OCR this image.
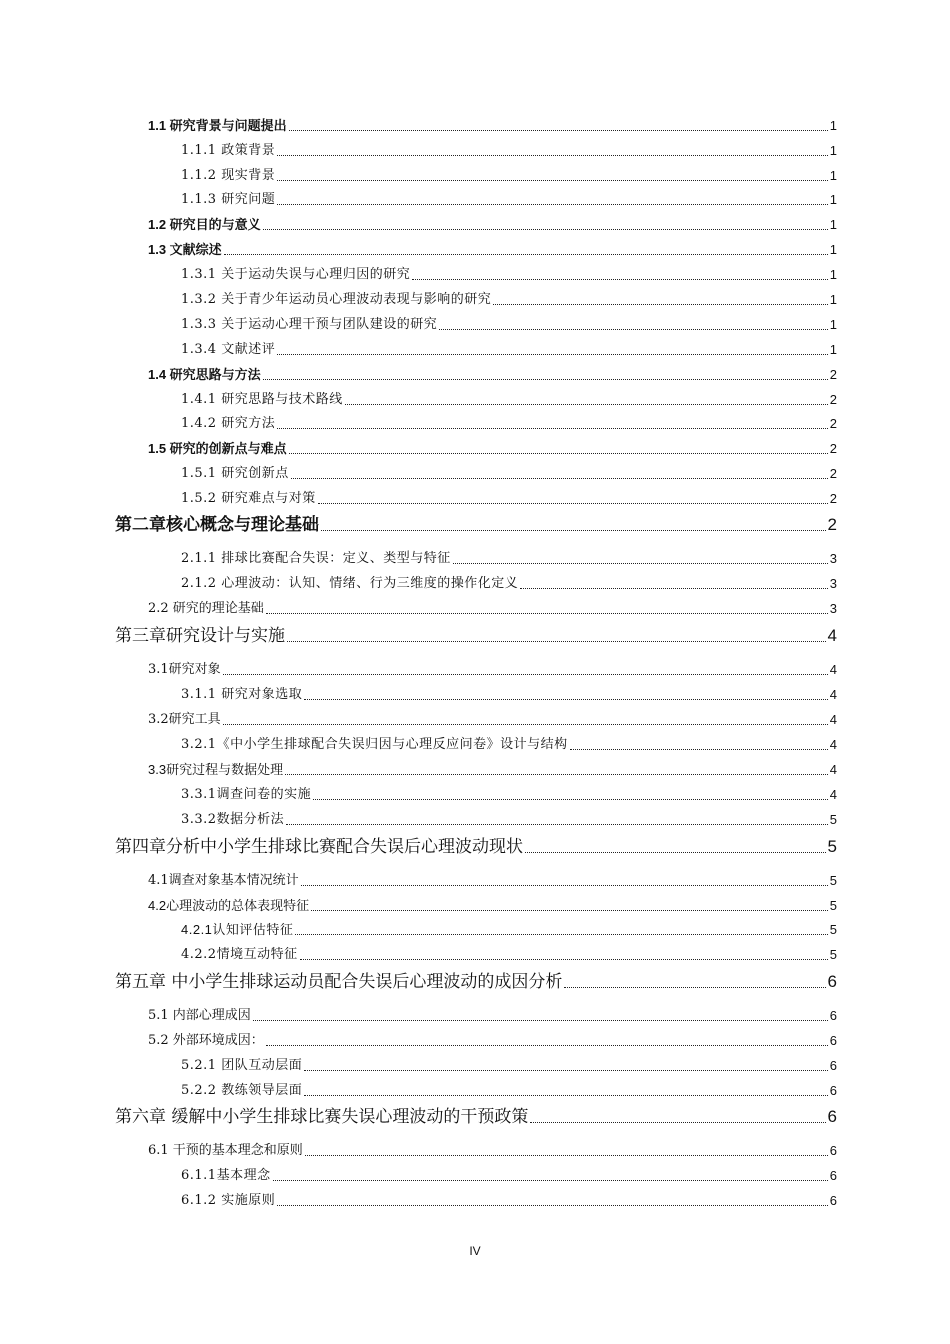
1.1 研究背景与问题提出	1
1.1.1 政策背景	1
1.1.2 现实背景	1
1.1.3 研究问题	1
1.2 研究目的与意义	1
1.3 文献综述	1
1.3.1 关于运动失误与心理归因的研究	1
1.3.2 关于青少年运动员心理波动表现与影响的研究	1
1.3.3 关于运动心理干预与团队建设的研究	1
1.3.4 文献述评	1
1.4 研究思路与方法	2
1.4.1 研究思路与技术路线	2
1.4.2 研究方法	2
1.5 研究的创新点与难点	2
1.5.1 研究创新点	2
1.5.2 研究难点与对策	2
第二章核心概念与理论基础	2
2.1.1 排球比赛配合失误：定义、类型与特征	3
2.1.2 心理波动：认知、情绪、行为三维度的操作化定义	3
2.2 研究的理论基础	3
第三章研究设计与实施	4
3.1研究对象	4
3.1.1 研究对象选取	4
3.2研究工具	4
3.2.1《中小学生排球配合失误归因与心理反应问卷》设计与结构	4
3.3研究过程与数据处理	4
3.3.1调查问卷的实施	4
3.3.2数据分析法	5
第四章分析中小学生排球比赛配合失误后心理波动现状	5
4.1调查对象基本情况统计	5
4.2心理波动的总体表现特征	5
4.2.1认知评估特征	5
4.2.2情境互动特征	5
第五章 中小学生排球运动员配合失误后心理波动的成因分析	6
5.1 内部心理成因	6
5.2 外部环境成因：	6
5.2.1 团队互动层面	6
5.2.2 教练领导层面	6
第六章 缓解中小学生排球比赛失误心理波动的干预政策	6
6.1 干预的基本理念和原则	6
6.1.1基本理念	6
6.1.2 实施原则	6
IV
